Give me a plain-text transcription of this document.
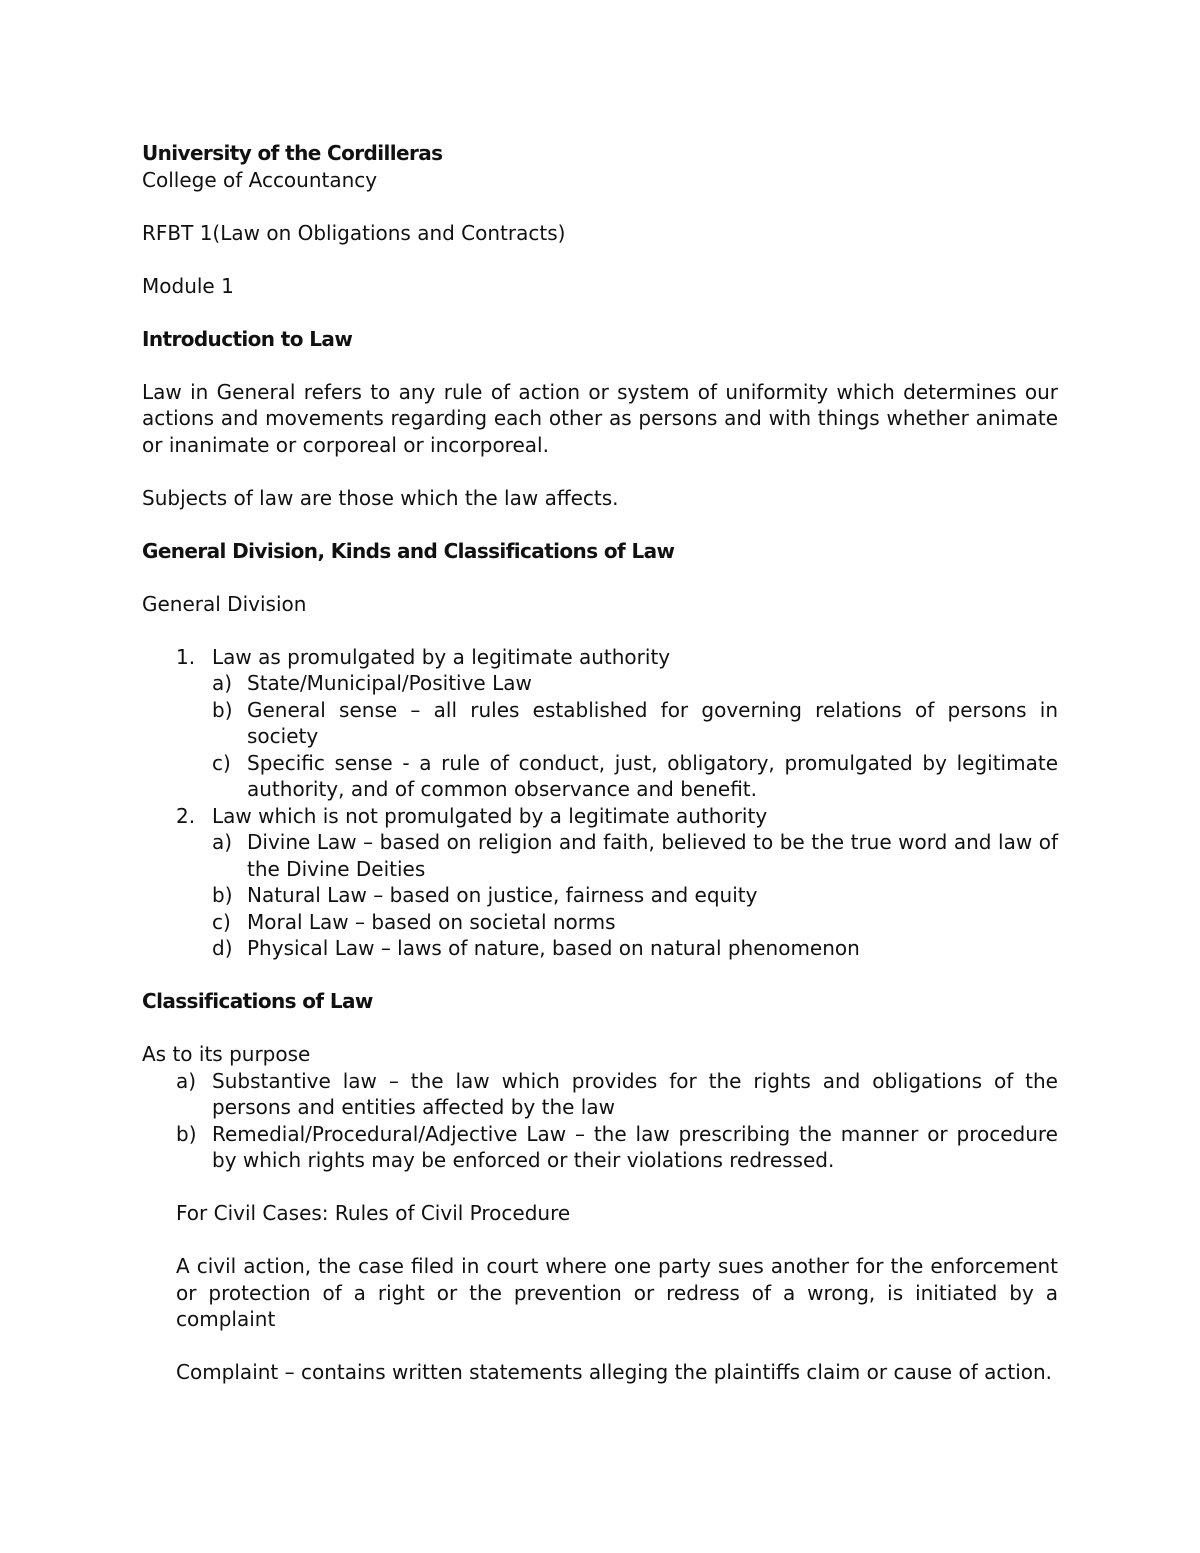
University of the Cordilleras

College of Accountancy

RFBT 1(Law on Obligations and Contracts)

Module 1

Introduction to Law

Law in General refers to any rule of action or system of uniformity which determines our actions and movements regarding each other as persons and with things whether animate or inanimate or corporeal or incorporeal.

Subjects of law are those which the law affects.

General Division, Kinds and Classifications of Law

General Division

1. Law as promulgated by a legitimate authority
a) State/Municipal/Positive Law
b) General sense – all rules established for governing relations of persons in society
c) Specific sense - a rule of conduct, just, obligatory, promulgated by legitimate authority, and of common observance and benefit.
2. Law which is not promulgated by a legitimate authority
a) Divine Law – based on religion and faith, believed to be the true word and law of the Divine Deities
b) Natural Law – based on justice, fairness and equity
c) Moral Law – based on societal norms
d) Physical Law – laws of nature, based on natural phenomenon

Classifications of Law

As to its purpose

a) Substantive law – the law which provides for the rights and obligations of the persons and entities affected by the law
b) Remedial/Procedural/Adjective Law – the law prescribing the manner or procedure by which rights may be enforced or their violations redressed.

For Civil Cases: Rules of Civil Procedure

A civil action, the case filed in court where one party sues another for the enforcement or protection of a right or the prevention or redress of a wrong, is initiated by a complaint

Complaint – contains written statements alleging the plaintiffs claim or cause of action.
